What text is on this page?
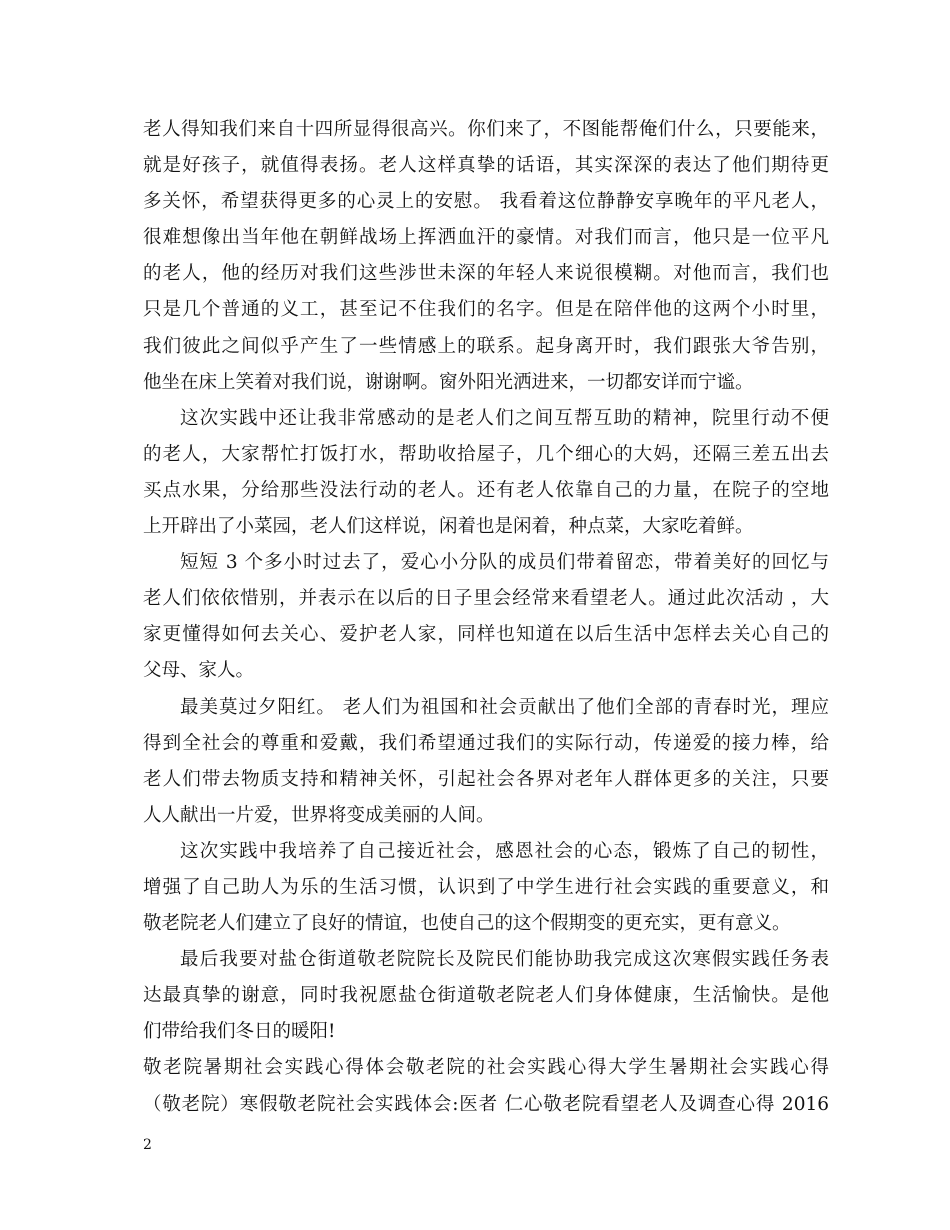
老人得知我们来自十四所显得很高兴。你们来了，不图能帮俺们什么，只要能来，
就是好孩子，就值得表扬。老人这样真挚的话语，其实深深的表达了他们期待更
多关怀，希望获得更多的心灵上的安慰。 我看着这位静静安享晚年的平凡老人，
很难想像出当年他在朝鲜战场上挥洒血汗的豪情。对我们而言，他只是一位平凡
的老人，他的经历对我们这些涉世未深的年轻人来说很模糊。对他而言，我们也
只是几个普通的义工，甚至记不住我们的名字。但是在陪伴他的这两个小时里，
我们彼此之间似乎产生了一些情感上的联系。起身离开时，我们跟张大爷告别，
他坐在床上笑着对我们说，谢谢啊。窗外阳光洒进来，一切都安详而宁谧。
这次实践中还让我非常感动的是老人们之间互帮互助的精神，院里行动不便
的老人，大家帮忙打饭打水，帮助收拾屋子，几个细心的大妈，还隔三差五出去
买点水果，分给那些没法行动的老人。还有老人依靠自己的力量，在院子的空地
上开辟出了小菜园，老人们这样说，闲着也是闲着，种点菜，大家吃着鲜。
短短 3 个多小时过去了，爱心小分队的成员们带着留恋，带着美好的回忆与
老人们依依惜别，并表示在以后的日子里会经常来看望老人。通过此次活动 ，大
家更懂得如何去关心、爱护老人家，同样也知道在以后生活中怎样去关心自己的
父母、家人。
最美莫过夕阳红。 老人们为祖国和社会贡献出了他们全部的青春时光，理应
得到全社会的尊重和爱戴，我们希望通过我们的实际行动，传递爱的接力棒，给
老人们带去物质支持和精神关怀，引起社会各界对老年人群体更多的关注，只要
人人献出一片爱，世界将变成美丽的人间。
这次实践中我培养了自己接近社会，感恩社会的心态，锻炼了自己的韧性，
增强了自己助人为乐的生活习惯，认识到了中学生进行社会实践的重要意义，和
敬老院老人们建立了良好的情谊，也使自己的这个假期变的更充实，更有意义。
最后我要对盐仓街道敬老院院长及院民们能协助我完成这次寒假实践任务表
达最真挚的谢意，同时我祝愿盐仓街道敬老院老人们身体健康，生活愉快。是他
们带给我们冬日的暖阳!
敬老院暑期社会实践心得体会敬老院的社会实践心得大学生暑期社会实践心得
（敬老院）寒假敬老院社会实践体会:医者 仁心敬老院看望老人及调查心得 2016
2
